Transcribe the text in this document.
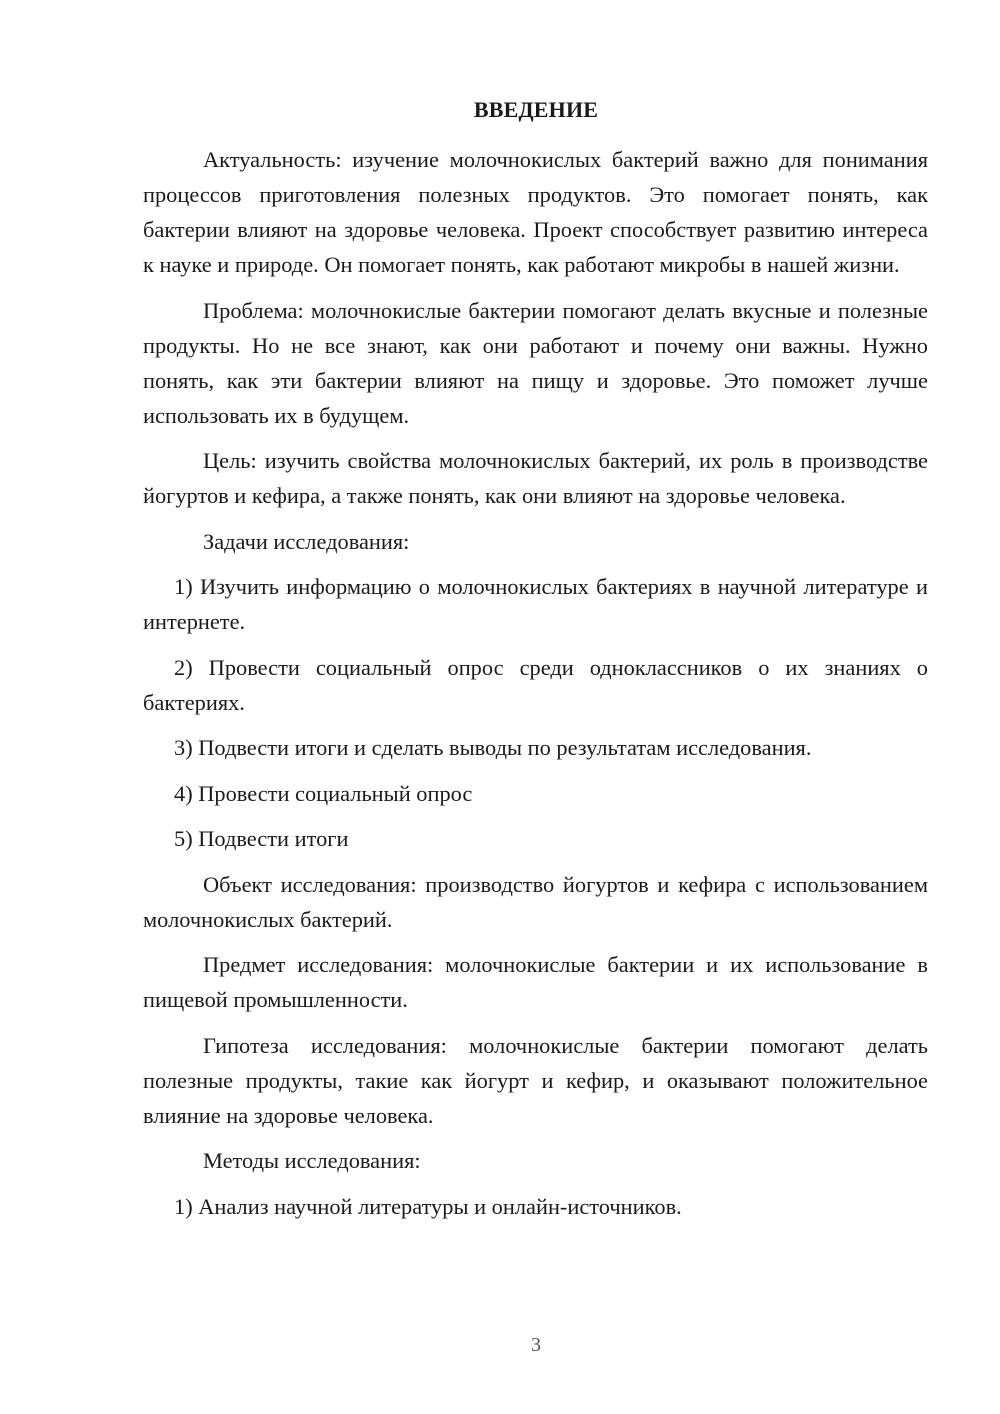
ВВЕДЕНИЕ

Актуальность: изучение молочнокислых бактерий важно для понимания процессов приготовления полезных продуктов. Это помогает понять, как бактерии влияют на здоровье человека. Проект способствует развитию интереса к науке и природе. Он помогает понять, как работают микробы в нашей жизни.

Проблема: молочнокислые бактерии помогают делать вкусные и полезные продукты. Но не все знают, как они работают и почему они важны. Нужно понять, как эти бактерии влияют на пищу и здоровье. Это поможет лучше использовать их в будущем.

Цель: изучить свойства молочнокислых бактерий, их роль в производстве йогуртов и кефира, а также понять, как они влияют на здоровье человека.

Задачи исследования:

1) Изучить информацию о молочнокислых бактериях в научной литературе и интернете.

2) Провести социальный опрос среди одноклассников о их знаниях о бактериях.

3) Подвести итоги и сделать выводы по результатам исследования.

4) Провести социальный опрос

5) Подвести итоги

Объект исследования: производство йогуртов и кефира с использованием молочнокислых бактерий.

Предмет исследования: молочнокислые бактерии и их использование в пищевой промышленности.

Гипотеза исследования: молочнокислые бактерии помогают делать полезные продукты, такие как йогурт и кефир, и оказывают положительное влияние на здоровье человека.

Методы исследования:

1) Анализ научной литературы и онлайн-источников.

3
